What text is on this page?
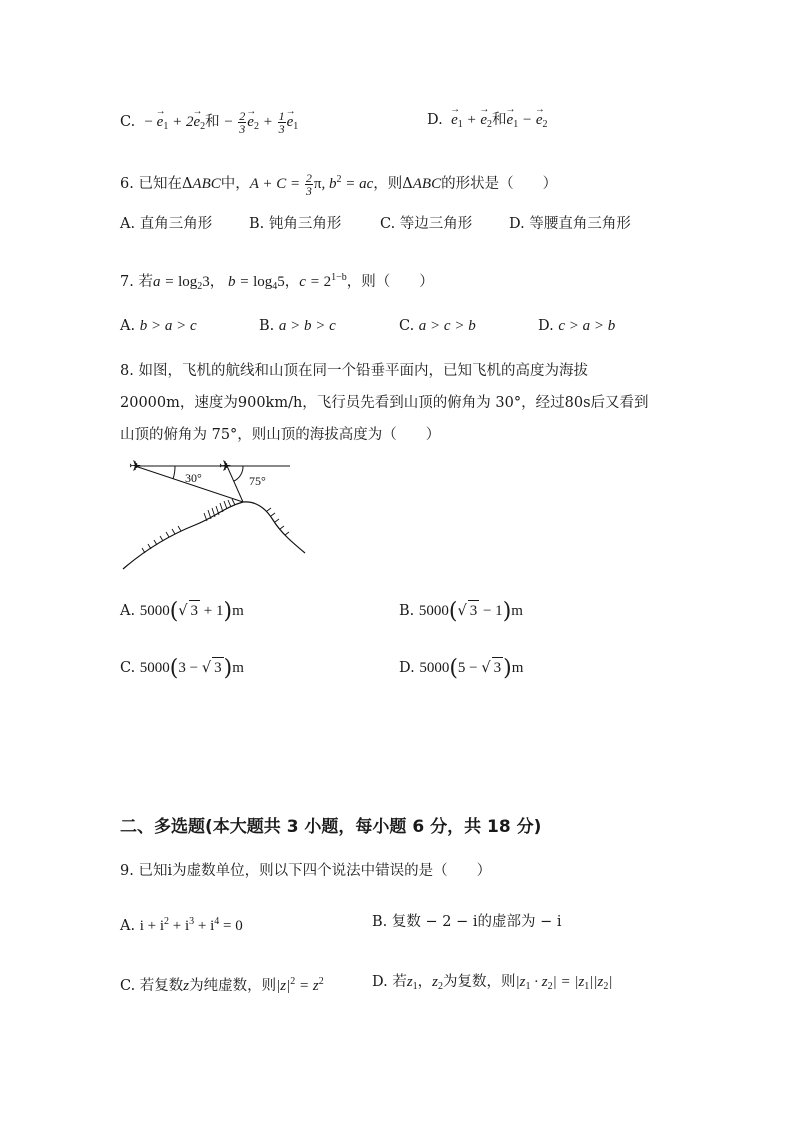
C.  − → $e_1 + 2\to e_2$和 − $\frac{2}{3}$
→ $e_2 + \frac{1}{3}$
→ $e_1$	D.  → $e_1$ + → $e_2$和→ $e_1$ − → $e_2$
6. 已知在ΔABC中，$A + C = \frac{2}{3} \pi$, $b^2$ = ac，则ΔABC的形状是（　　）
A. 直角三角形	B. 钝角三角形	C. 等边三角形	D. 等腰直角三角形
7. 若$a = \log_23$， $b = \log_45$，$c = 2^{1-b}$，则（　　）
A. b > a > c	B. a > b > c	C. a > c > b	D. c > a > b
8. 如图，飞机的航线和山顶在同一个铅垂平面内，已知飞机的高度为海拔
20000m，速度为900km/h，飞行员先看到山顶的俯角为 30°，经过80s后又看到
山顶的俯角为 75°，则山顶的海拔高度为（　　）
✈	✈
30°	75°
A. 5000(√ 3 + 1)m	B. 5000(√ 3 − 1)m
C. 5000(3 − √ 3)m	D. 5000(5 − √ 3)m
二、多选题(本大题共 3 小题，每小题 6 分，共 18 分)
9. 已知i为虚数单位，则以下四个说法中错误的是（　　）
A. $i + i^2 + i^3 + i^4 = 0$	B. 复数 − 2 − i的虚部为 − i
C. 若复数z为纯虚数，则$|z|^2 = z^2$	D. 若$z_1$，$z_2$为复数，则$|z_1 \cdot z_2| = |z_1||z_2|$
